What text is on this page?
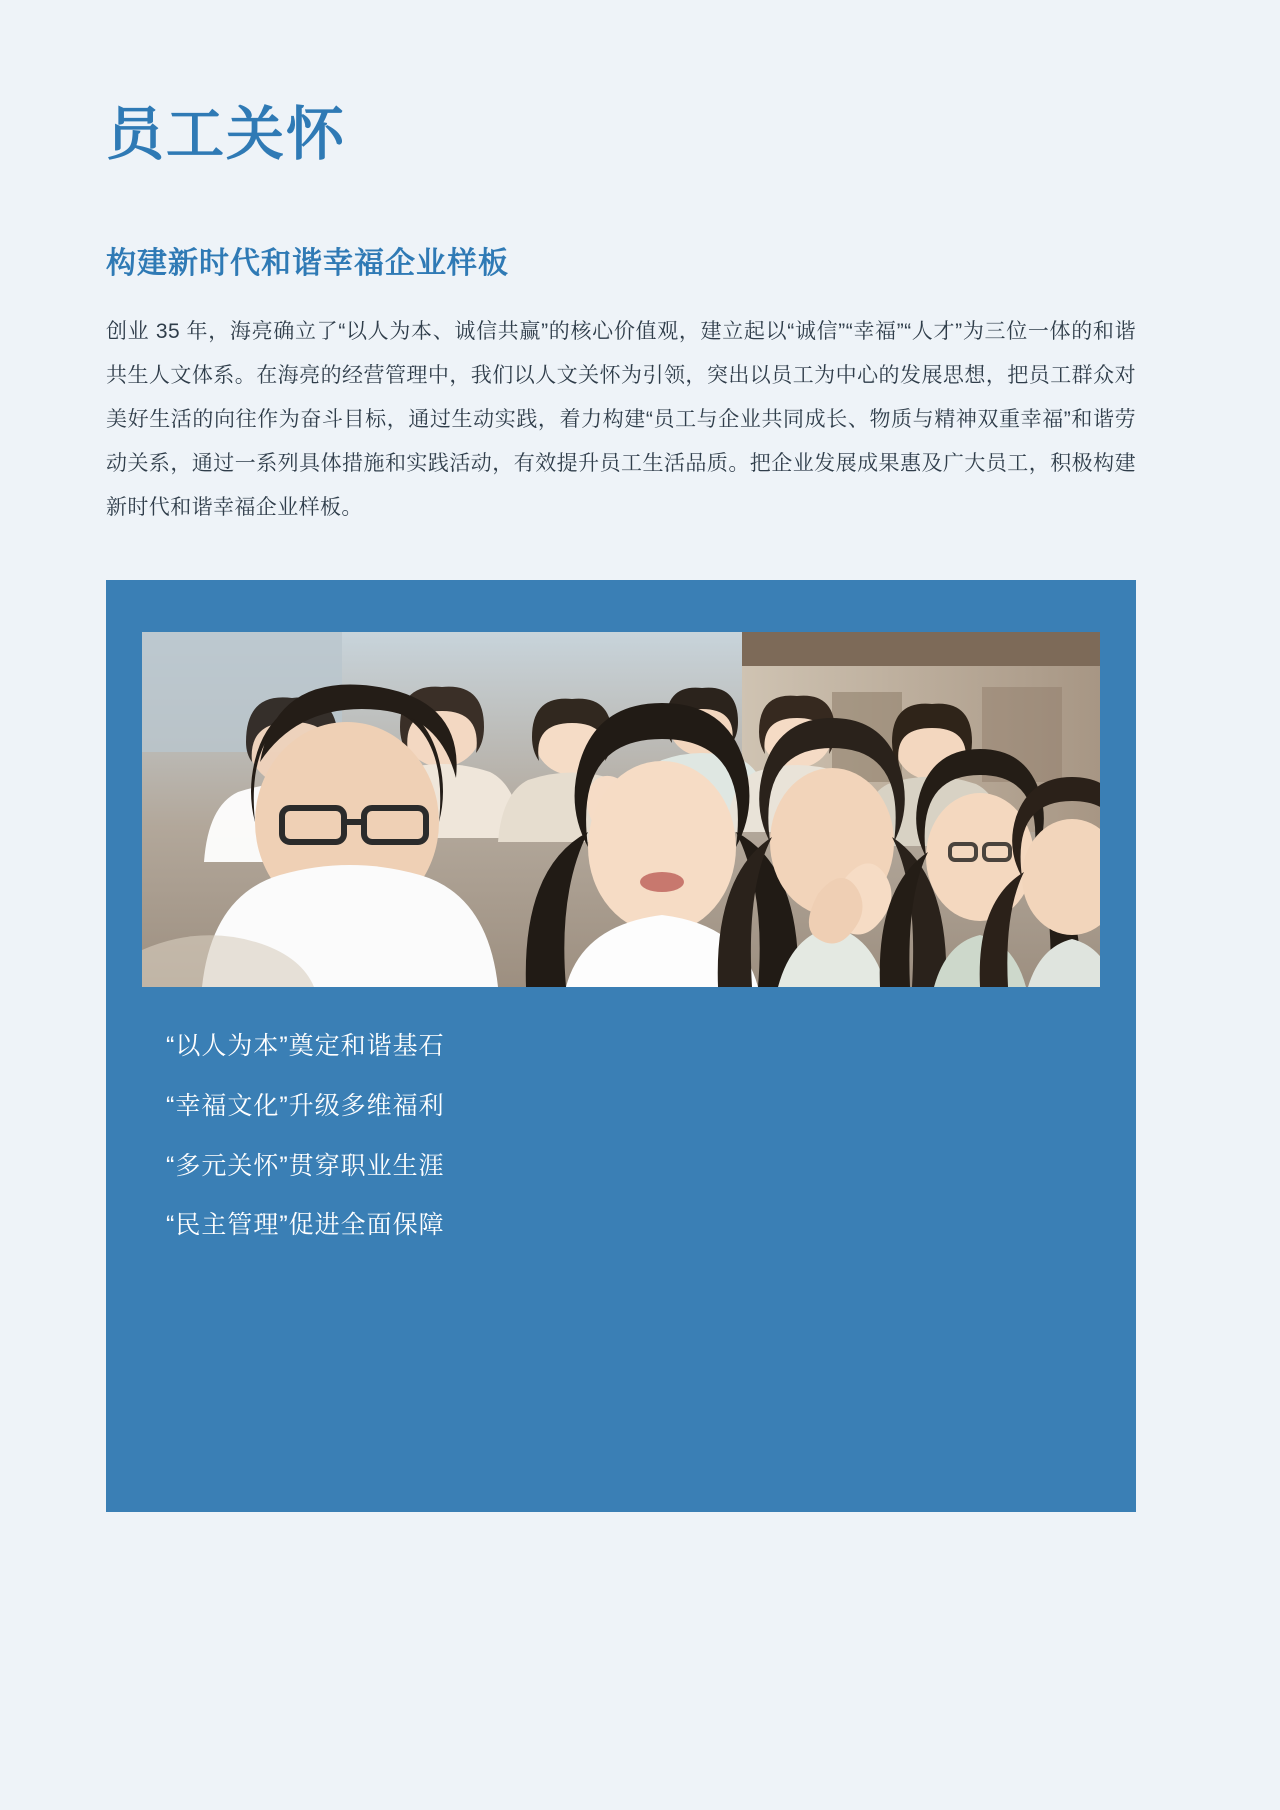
员工关怀
构建新时代和谐幸福企业样板

创业 35 年，海亮确立了“以人为本、诚信共赢”的核心价值观，建立起以“诚信”“幸福”“人才”为三位一体的和谐共生人文体系。在海亮的经营管理中，我们以人文关怀为引领，突出以员工为中心的发展思想，把员工群众对美好生活的向往作为奋斗目标，通过生动实践，着力构建“员工与企业共同成长、物质与精神双重幸福”和谐劳动关系，通过一系列具体措施和实践活动，有效提升员工生活品质。把企业发展成果惠及广大员工，积极构建新时代和谐幸福企业样板。

“以人为本”奠定和谐基石
“幸福文化”升级多维福利
“多元关怀”贯穿职业生涯
“民主管理”促进全面保障
